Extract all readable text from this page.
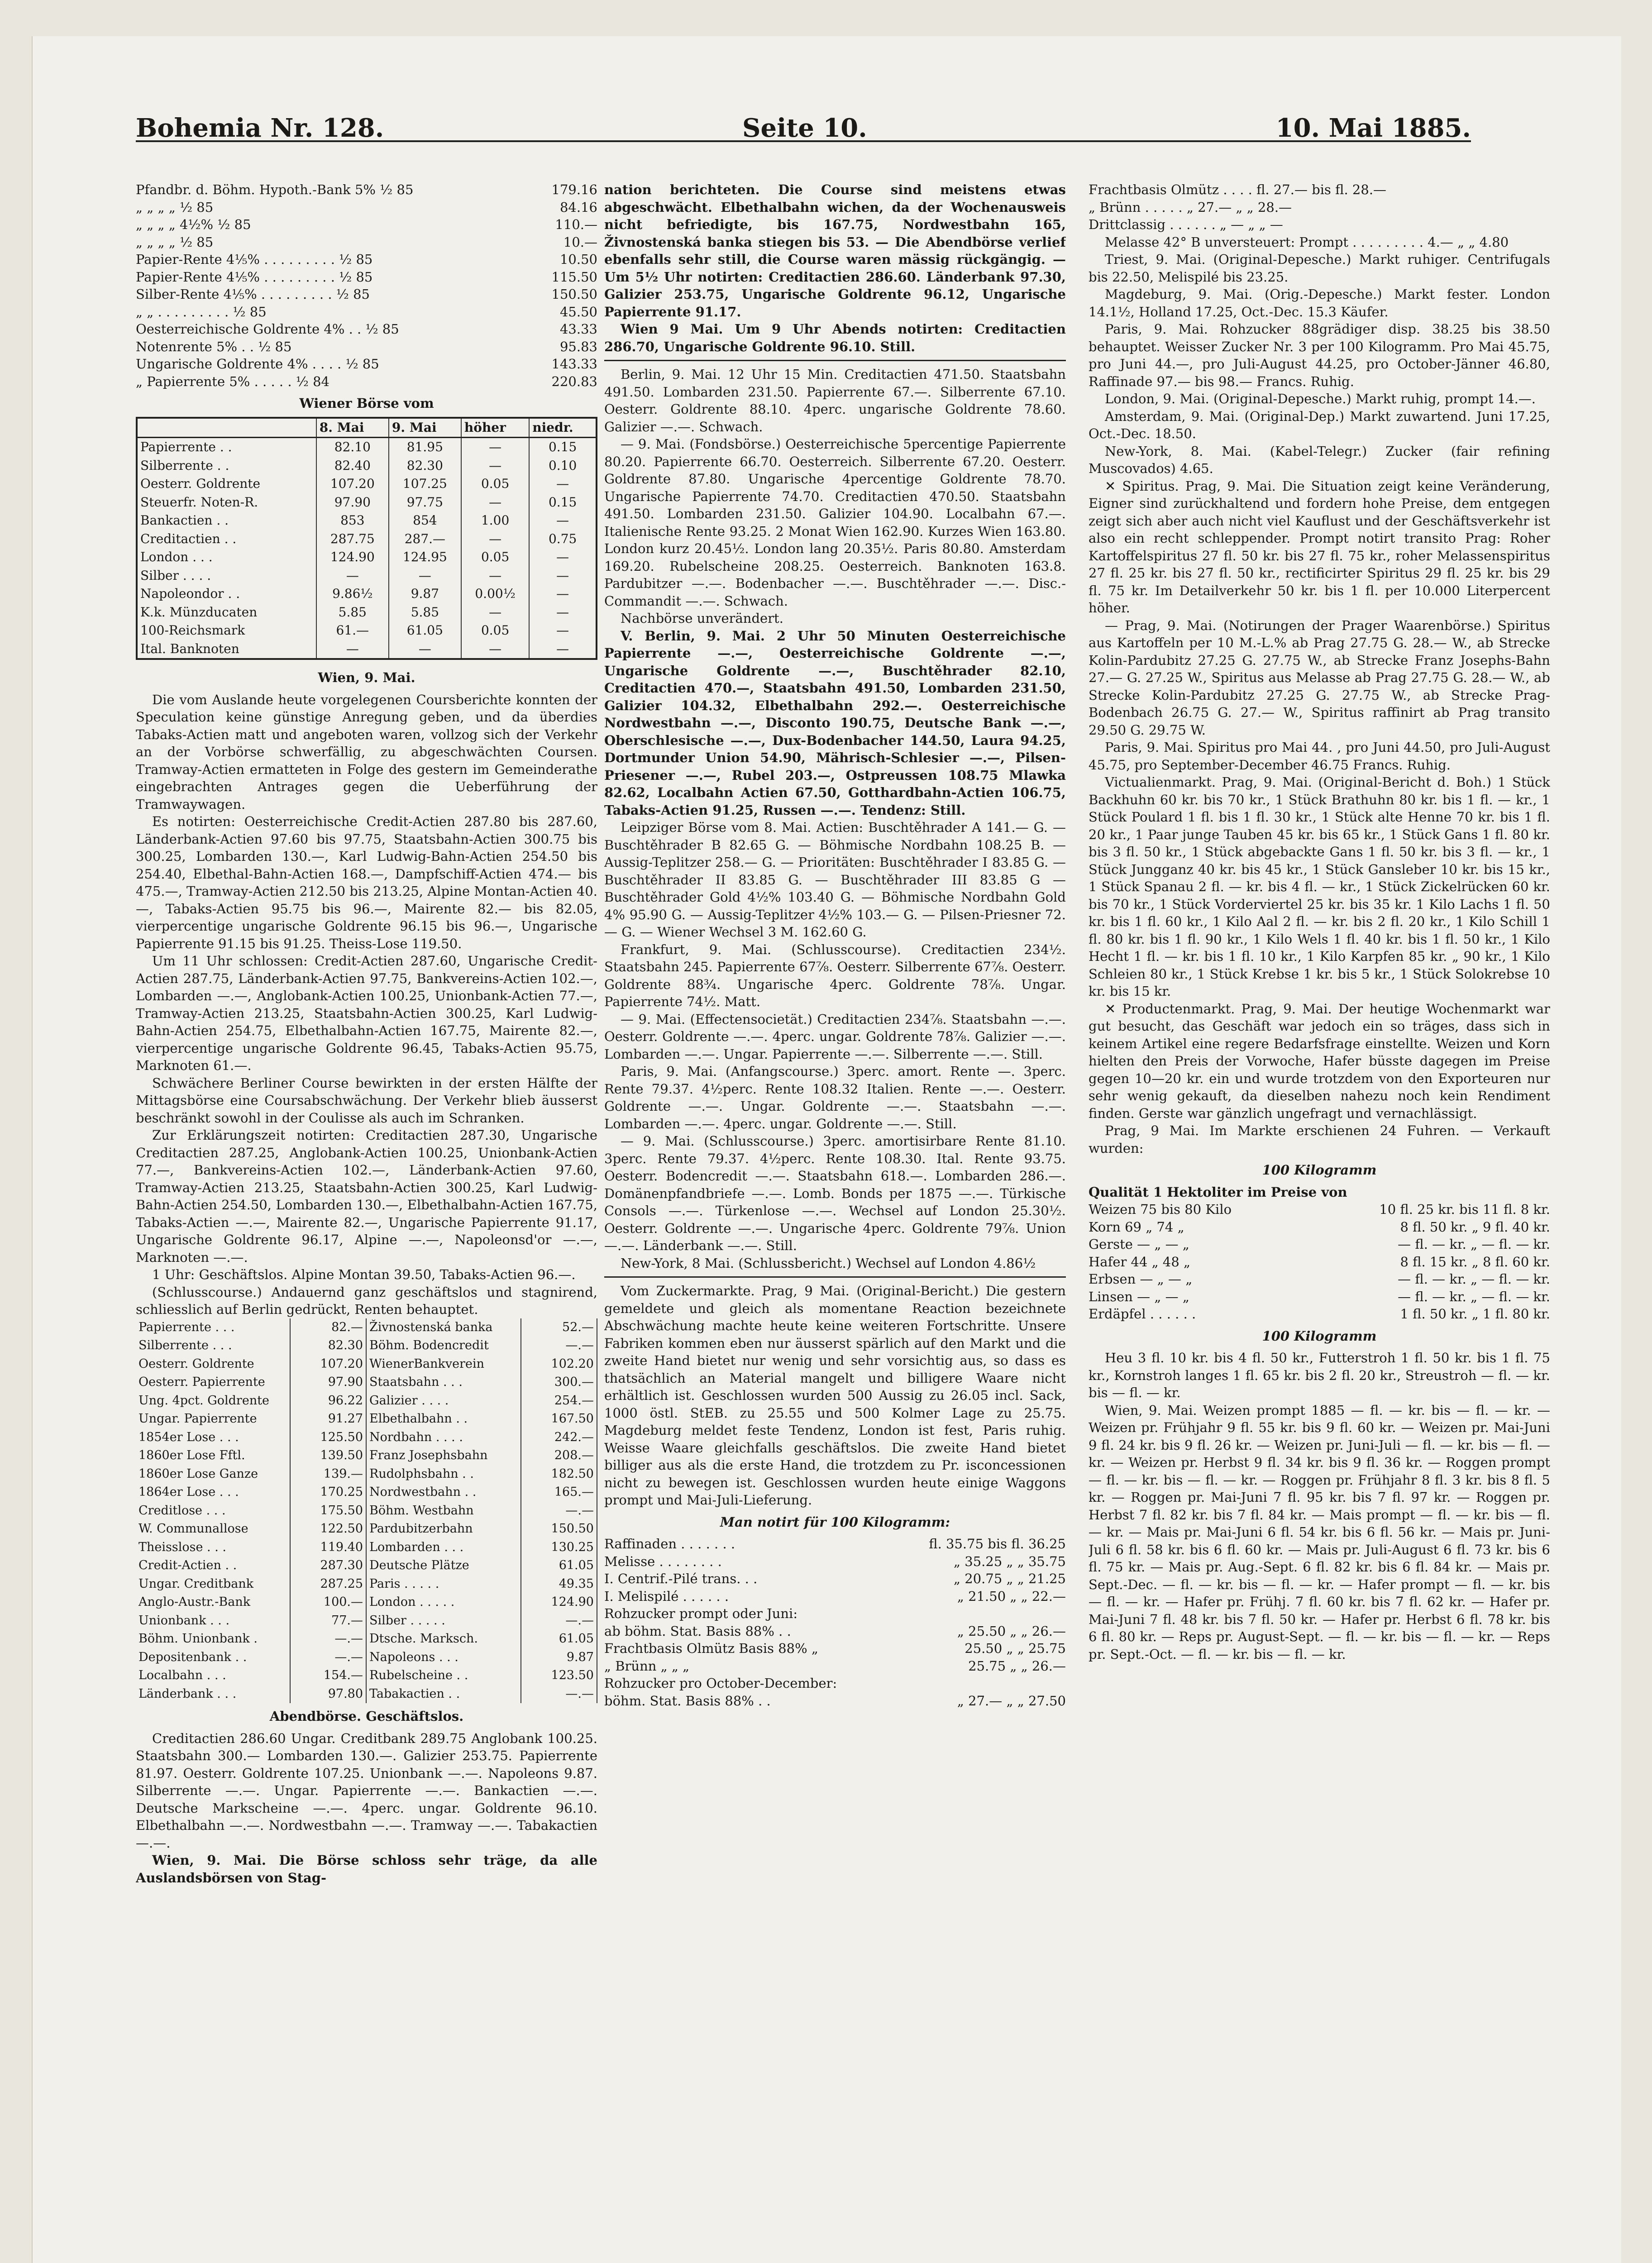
Bohemia Nr. 128.	Seite 10.	10. Mai 1885.
Pfandbr. d. Böhm. Hypoth.-Bank 5% ½ 85	179.16
„ „ „ „ ½ 85	84.16
„ „ „ „ 4½% ½ 85	110.—
„ „ „ „ ½ 85	10.—
Papier-Rente 4⅕% . . . . . . . . . ½ 85	10.50
Papier-Rente 4⅕% . . . . . . . . . ½ 85	115.50
Silber-Rente 4⅕% . . . . . . . . . ½ 85	150.50
„ „ . . . . . . . . . ½ 85	45.50
Oesterreichische Goldrente 4% . . ½ 85	43.33
Notenrente 5% . . ½ 85	95.83
Ungarische Goldrente 4% . . . . ½ 85	143.33
„ Papierrente 5% . . . . . ½ 84	220.83

Wiener Börse vom

	8. Mai	9. Mai	höher	niedr.
Papierrente . .	82.10	81.95	—	0.15
Silberrente . .	82.40	82.30	—	0.10
Oesterr. Goldrente	107.20	107.25	0.05	—
Steuerfr. Noten-R.	97.90	97.75	—	0.15
Bankactien . .	853	854	1.00	—
Creditactien . .	287.75	287.—	—	0.75
London . . .	124.90	124.95	0.05	—
Silber . . . .	—	—	—	—
Napoleondor . .	9.86½	9.87	0.00½	—
K.k. Münzducaten	5.85	5.85	—	—
100-Reichsmark	61.—	61.05	0.05	—
Ital. Banknoten	—	—	—	—

Wien, 9. Mai.

Die vom Auslande heute vorgelegenen Coursberichte konnten der Speculation keine günstige Anregung geben, und da überdies Tabaks-Actien matt und angeboten waren, vollzog sich der Verkehr an der Vorbörse schwerfällig, zu abgeschwächten Coursen. Tramway-Actien ermatteten in Folge des gestern im Gemeinderathe eingebrachten Antrages gegen die Ueberführung der Tramwaywagen.

Es notirten: Oesterreichische Credit-Actien 287.80 bis 287.60, Länderbank-Actien 97.60 bis 97.75, Staatsbahn-Actien 300.75 bis 300.25, Lombarden 130.—, Karl Ludwig-Bahn-Actien 254.50 bis 254.40, Elbethal-Bahn-Actien 168.—, Dampfschiff-Actien 474.— bis 475.—, Tramway-Actien 212.50 bis 213.25, Alpine Montan-Actien 40.—, Tabaks-Actien 95.75 bis 96.—, Mairente 82.— bis 82.05, vierpercentige ungarische Goldrente 96.15 bis 96.—, Ungarische Papierrente 91.15 bis 91.25. Theiss-Lose 119.50.

Um 11 Uhr schlossen: Credit-Actien 287.60, Ungarische Credit-Actien 287.75, Länderbank-Actien 97.75, Bankvereins-Actien 102.—, Lombarden —.—, Anglobank-Actien 100.25, Unionbank-Actien 77.—, Tramway-Actien 213.25, Staatsbahn-Actien 300.25, Karl Ludwig-Bahn-Actien 254.75, Elbethalbahn-Actien 167.75, Mairente 82.—, vierpercentige ungarische Goldrente 96.45, Tabaks-Actien 95.75, Marknoten 61.—.

Schwächere Berliner Course bewirkten in der ersten Hälfte der Mittagsbörse eine Coursabschwächung. Der Verkehr blieb äusserst beschränkt sowohl in der Coulisse als auch im Schranken.

Zur Erklärungszeit notirten: Creditactien 287.30, Ungarische Creditactien 287.25, Anglobank-Actien 100.25, Unionbank-Actien 77.—, Bankvereins-Actien 102.—, Länderbank-Actien 97.60, Tramway-Actien 213.25, Staatsbahn-Actien 300.25, Karl Ludwig-Bahn-Actien 254.50, Lombarden 130.—, Elbethalbahn-Actien 167.75, Tabaks-Actien —.—, Mairente 82.—, Ungarische Papierrente 91.17, Ungarische Goldrente 96.17, Alpine —.—, Napoleonsd'or —.—, Marknoten —.—.

1 Uhr: Geschäftslos. Alpine Montan 39.50, Tabaks-Actien 96.—.

(Schlusscourse.) Andauernd ganz geschäftslos und stagnirend, schliesslich auf Berlin gedrückt, Renten behauptet.

Papierrente . . .	82.—	Živnostenská banka	52.—
Silberrente . . .	82.30	Böhm. Bodencredit	—.—
Oesterr. Goldrente	107.20	WienerBankverein	102.20
Oesterr. Papierrente	97.90	Staatsbahn . . .	300.—
Ung. 4pct. Goldrente	96.22	Galizier . . . .	254.—
Ungar. Papierrente	91.27	Elbethalbahn . .	167.50
1854er Lose . . .	125.50	Nordbahn . . . .	242.—
1860er Lose Fftl.	139.50	Franz Josephsbahn	208.—
1860er Lose Ganze	139.—	Rudolphsbahn . .	182.50
1864er Lose . . .	170.25	Nordwestbahn . .	165.—
Creditlose . . .	175.50	Böhm. Westbahn	—.—
W. Communallose	122.50	Pardubitzerbahn	150.50
Theisslose . . .	119.40	Lombarden . . .	130.25
Credit-Actien . .	287.30	Deutsche Plätze	61.05
Ungar. Creditbank	287.25	Paris . . . . .	49.35
Anglo-Austr.-Bank	100.—	London . . . . .	124.90
Unionbank . . .	77.—	Silber . . . . .	—.—
Böhm. Unionbank .	—.—	Dtsche. Marksch.	61.05
Depositenbank . .	—.—	Napoleons . . .	9.87
Localbahn . . .	154.—	Rubelscheine . .	123.50
Länderbank . . .	97.80	Tabakactien . .	—.—

Abendbörse. Geschäftslos.

Creditactien 286.60 Ungar. Creditbank 289.75 Anglobank 100.25. Staatsbahn 300.— Lombarden 130.—. Galizier 253.75. Papierrente 81.97. Oesterr. Goldrente 107.25. Unionbank —.—. Napoleons 9.87. Silberrente —.—. Ungar. Papierrente —.—. Bankactien —.—. Deutsche Markscheine —.—. 4perc. ungar. Goldrente 96.10. Elbethalbahn —.—. Nordwestbahn —.—. Tramway —.—. Tabakactien —.—.

Wien, 9. Mai. Die Börse schloss sehr träge, da alle Auslandsbörsen von Stag-

nation berichteten. Die Course sind meistens etwas abgeschwächt. Elbethalbahn wichen, da der Wochenausweis nicht befriedigte, bis 167.75, Nordwestbahn 165, Živnostenská banka stiegen bis 53. — Die Abendbörse verlief ebenfalls sehr still, die Course waren mässig rückgängig. — Um 5½ Uhr notirten: Creditactien 286.60. Länderbank 97.30, Galizier 253.75, Ungarische Goldrente 96.12, Ungarische Papierrente 91.17.

Wien 9 Mai. Um 9 Uhr Abends notirten: Creditactien 286.70, Ungarische Goldrente 96.10. Still.

Berlin, 9. Mai. 12 Uhr 15 Min. Creditactien 471.50. Staatsbahn 491.50. Lombarden 231.50. Papierrente 67.—. Silberrente 67.10. Oesterr. Goldrente 88.10. 4perc. ungarische Goldrente 78.60. Galizier —.—. Schwach.

— 9. Mai. (Fondsbörse.) Oesterreichische 5percentige Papierrente 80.20. Papierrente 66.70. Oesterreich. Silberrente 67.20. Oesterr. Goldrente 87.80. Ungarische 4percentige Goldrente 78.70. Ungarische Papierrente 74.70. Creditactien 470.50. Staatsbahn 491.50. Lombarden 231.50. Galizier 104.90. Localbahn 67.—. Italienische Rente 93.25. 2 Monat Wien 162.90. Kurzes Wien 163.80. London kurz 20.45½. London lang 20.35½. Paris 80.80. Amsterdam 169.20. Rubelscheine 208.25. Oesterreich. Banknoten 163.8. Pardubitzer —.—. Bodenbacher —.—. Buschtěhrader —.—. Disc.-Commandit —.—. Schwach.

Nachbörse unverändert.

V. Berlin, 9. Mai. 2 Uhr 50 Minuten Oesterreichische Papierrente —.—, Oesterreichische Goldrente —.—, Ungarische Goldrente —.—, Buschtěhrader 82.10, Creditactien 470.—, Staatsbahn 491.50, Lombarden 231.50, Galizier 104.32, Elbethalbahn 292.—. Oesterreichische Nordwestbahn —.—, Disconto 190.75, Deutsche Bank —.—, Oberschlesische —.—, Dux-Bodenbacher 144.50, Laura 94.25, Dortmunder Union 54.90, Mährisch-Schlesier —.—, Pilsen-Priesener —.—, Rubel 203.—, Ostpreussen 108.75 Mlawka 82.62, Localbahn Actien 67.50, Gotthardbahn-Actien 106.75, Tabaks-Actien 91.25, Russen —.—. Tendenz: Still.

Leipziger Börse vom 8. Mai. Actien: Buschtěhrader A 141.— G. — Buschtěhrader B 82.65 G. — Böhmische Nordbahn 108.25 B. — Aussig-Teplitzer 258.— G. — Prioritäten: Buschtěhrader I 83.85 G. — Buschtěhrader II 83.85 G. — Buschtěhrader III 83.85 G — Buschtěhrader Gold 4½% 103.40 G. — Böhmische Nordbahn Gold 4% 95.90 G. — Aussig-Teplitzer 4½% 103.— G. — Pilsen-Priesner 72.— G. — Wiener Wechsel 3 M. 162.60 G.

Frankfurt, 9. Mai. (Schlusscourse). Creditactien 234½. Staatsbahn 245. Papierrente 67⅞. Oesterr. Silberrente 67⅞. Oesterr. Goldrente 88¾. Ungarische 4perc. Goldrente 78⅞. Ungar. Papierrente 74½. Matt.

— 9. Mai. (Effectensocietät.) Creditactien 234⅞. Staatsbahn —.—. Oesterr. Goldrente —.—. 4perc. ungar. Goldrente 78⅞. Galizier —.—. Lombarden —.—. Ungar. Papierrente —.—. Silberrente —.—. Still.

Paris, 9. Mai. (Anfangscourse.) 3perc. amort. Rente —. 3perc. Rente 79.37. 4½perc. Rente 108.32 Italien. Rente —.—. Oesterr. Goldrente —.—. Ungar. Goldrente —.—. Staatsbahn —.—. Lombarden —.—. 4perc. ungar. Goldrente —.—. Still.

— 9. Mai. (Schlusscourse.) 3perc. amortisirbare Rente 81.10. 3perc. Rente 79.37. 4½perc. Rente 108.30. Ital. Rente 93.75. Oesterr. Bodencredit —.—. Staatsbahn 618.—. Lombarden 286.—. Domänenpfandbriefe —.—. Lomb. Bonds per 1875 —.—. Türkische Consols —.—. Türkenlose —.—. Wechsel auf London 25.30½. Oesterr. Goldrente —.—. Ungarische 4perc. Goldrente 79⅞. Union —.—. Länderbank —.—. Still.

New-York, 8 Mai. (Schlussbericht.) Wechsel auf London 4.86½

Vom Zuckermarkte. Prag, 9 Mai. (Original-Bericht.) Die gestern gemeldete und gleich als momentane Reaction bezeichnete Abschwächung machte heute keine weiteren Fortschritte. Unsere Fabriken kommen eben nur äusserst spärlich auf den Markt und die zweite Hand bietet nur wenig und sehr vorsichtig aus, so dass es thatsächlich an Material mangelt und billigere Waare nicht erhältlich ist. Geschlossen wurden 500 Aussig zu 26.05 incl. Sack, 1000 östl. StEB. zu 25.55 und 500 Kolmer Lage zu 25.75. Magdeburg meldet feste Tendenz, London ist fest, Paris ruhig. Weisse Waare gleichfalls geschäftslos. Die zweite Hand bietet billiger aus als die erste Hand, die trotzdem zu Pr. isconcessionen nicht zu bewegen ist. Geschlossen wurden heute einige Waggons prompt und Mai-Juli-Lieferung.

Man notirt für 100 Kilogramm:

Raffinaden . . . . . . .	fl. 35.75 bis fl. 36.25
Melisse . . . . . . . .	„ 35.25 „ „ 35.75
I. Centrif.-Pilé trans. . .	„ 20.75 „ „ 21.25
I. Melispilé . . . . . .	„ 21.50 „ „ 22.—
Rohzucker prompt oder Juni:
ab böhm. Stat. Basis 88% . .	„ 25.50 „ „ 26.—
Frachtbasis Olmütz Basis 88% „	25.50 „ „ 25.75
„ Brünn „ „ „	25.75 „ „ 26.—
Rohzucker pro October-December:
böhm. Stat. Basis 88% . .	„ 27.— „ „ 27.50
Frachtbasis Olmütz . . . . fl. 27.— bis fl. 28.—
„ Brünn . . . . . „ 27.— „ „ 28.—
Drittclassig . . . . . . „ — „ „ —

Melasse 42° B unversteuert: Prompt . . . . . . . . . 4.— „ „ 4.80

Triest, 9. Mai. (Original-Depesche.) Markt ruhiger. Centrifugals bis 22.50, Melispilé bis 23.25.

Magdeburg, 9. Mai. (Orig.-Depesche.) Markt fester. London 14.1½, Holland 17.25, Oct.-Dec. 15.3 Käufer.

Paris, 9. Mai. Rohzucker 88grädiger disp. 38.25 bis 38.50 behauptet. Weisser Zucker Nr. 3 per 100 Kilogramm. Pro Mai 45.75, pro Juni 44.—, pro Juli-August 44.25, pro October-Jänner 46.80, Raffinade 97.— bis 98.— Francs. Ruhig.

London, 9. Mai. (Original-Depesche.) Markt ruhig, prompt 14.—.

Amsterdam, 9. Mai. (Original-Dep.) Markt zuwartend. Juni 17.25, Oct.-Dec. 18.50.

New-York, 8. Mai. (Kabel-Telegr.) Zucker (fair refining Muscovados) 4.65.

✕ Spiritus. Prag, 9. Mai. Die Situation zeigt keine Veränderung, Eigner sind zurückhaltend und fordern hohe Preise, dem entgegen zeigt sich aber auch nicht viel Kauflust und der Geschäftsverkehr ist also ein recht schleppender. Prompt notirt transito Prag: Roher Kartoffelspiritus 27 fl. 50 kr. bis 27 fl. 75 kr., roher Melassenspiritus 27 fl. 25 kr. bis 27 fl. 50 kr., rectificirter Spiritus 29 fl. 25 kr. bis 29 fl. 75 kr. Im Detailverkehr 50 kr. bis 1 fl. per 10.000 Literpercent höher.

— Prag, 9. Mai. (Notirungen der Prager Waarenbörse.) Spiritus aus Kartoffeln per 10 M.-L.% ab Prag 27.75 G. 28.— W., ab Strecke Kolin-Pardubitz 27.25 G. 27.75 W., ab Strecke Franz Josephs-Bahn 27.— G. 27.25 W., Spiritus aus Melasse ab Prag 27.75 G. 28.— W., ab Strecke Kolin-Pardubitz 27.25 G. 27.75 W., ab Strecke Prag-Bodenbach 26.75 G. 27.— W., Spiritus raffinirt ab Prag transito 29.50 G. 29.75 W.

Paris, 9. Mai. Spiritus pro Mai 44. , pro Juni 44.50, pro Juli-August 45.75, pro September-December 46.75 Francs. Ruhig.

Victualienmarkt. Prag, 9. Mai. (Original-Bericht d. Boh.) 1 Stück Backhuhn 60 kr. bis 70 kr., 1 Stück Brathuhn 80 kr. bis 1 fl. — kr., 1 Stück Poulard 1 fl. bis 1 fl. 30 kr., 1 Stück alte Henne 70 kr. bis 1 fl. 20 kr., 1 Paar junge Tauben 45 kr. bis 65 kr., 1 Stück Gans 1 fl. 80 kr. bis 3 fl. 50 kr., 1 Stück abgebackte Gans 1 fl. 50 kr. bis 3 fl. — kr., 1 Stück Jungganz 40 kr. bis 45 kr., 1 Stück Gansleber 10 kr. bis 15 kr., 1 Stück Spanau 2 fl. — kr. bis 4 fl. — kr., 1 Stück Zickelrücken 60 kr. bis 70 kr., 1 Stück Vorderviertel 25 kr. bis 35 kr. 1 Kilo Lachs 1 fl. 50 kr. bis 1 fl. 60 kr., 1 Kilo Aal 2 fl. — kr. bis 2 fl. 20 kr., 1 Kilo Schill 1 fl. 80 kr. bis 1 fl. 90 kr., 1 Kilo Wels 1 fl. 40 kr. bis 1 fl. 50 kr., 1 Kilo Hecht 1 fl. — kr. bis 1 fl. 10 kr., 1 Kilo Karpfen 85 kr. „ 90 kr., 1 Kilo Schleien 80 kr., 1 Stück Krebse 1 kr. bis 5 kr., 1 Stück Solokrebse 10 kr. bis 15 kr.

✕ Productenmarkt. Prag, 9. Mai. Der heutige Wochenmarkt war gut besucht, das Geschäft war jedoch ein so träges, dass sich in keinem Artikel eine regere Bedarfsfrage einstellte. Weizen und Korn hielten den Preis der Vorwoche, Hafer büsste dagegen im Preise gegen 10—20 kr. ein und wurde trotzdem von den Exporteuren nur sehr wenig gekauft, da dieselben nahezu noch kein Rendiment finden. Gerste war gänzlich ungefragt und vernachlässigt.

Prag, 9 Mai. Im Markte erschienen 24 Fuhren. — Verkauft wurden:

100 Kilogramm

Qualität 1 Hektoliter im Preise von

Weizen 75 bis 80 Kilo	10 fl. 25 kr. bis 11 fl. 8 kr.
Korn 69 „ 74 „	8 fl. 50 kr. „ 9 fl. 40 kr.
Gerste — „ — „	— fl. — kr. „ — fl. — kr.
Hafer 44 „ 48 „	8 fl. 15 kr. „ 8 fl. 60 kr.
Erbsen — „ — „	— fl. — kr. „ — fl. — kr.
Linsen — „ — „	— fl. — kr. „ — fl. — kr.
Erdäpfel . . . . . .	1 fl. 50 kr. „ 1 fl. 80 kr.

100 Kilogramm

Heu 3 fl. 10 kr. bis 4 fl. 50 kr., Futterstroh 1 fl. 50 kr. bis 1 fl. 75 kr., Kornstroh langes 1 fl. 65 kr. bis 2 fl. 20 kr., Streustroh — fl. — kr. bis — fl. — kr.

Wien, 9. Mai. Weizen prompt 1885 — fl. — kr. bis — fl. — kr. — Weizen pr. Frühjahr 9 fl. 55 kr. bis 9 fl. 60 kr. — Weizen pr. Mai-Juni 9 fl. 24 kr. bis 9 fl. 26 kr. — Weizen pr. Juni-Juli — fl. — kr. bis — fl. — kr. — Weizen pr. Herbst 9 fl. 34 kr. bis 9 fl. 36 kr. — Roggen prompt — fl. — kr. bis — fl. — kr. — Roggen pr. Frühjahr 8 fl. 3 kr. bis 8 fl. 5 kr. — Roggen pr. Mai-Juni 7 fl. 95 kr. bis 7 fl. 97 kr. — Roggen pr. Herbst 7 fl. 82 kr. bis 7 fl. 84 kr. — Mais prompt — fl. — kr. bis — fl. — kr. — Mais pr. Mai-Juni 6 fl. 54 kr. bis 6 fl. 56 kr. — Mais pr. Juni-Juli 6 fl. 58 kr. bis 6 fl. 60 kr. — Mais pr. Juli-August 6 fl. 73 kr. bis 6 fl. 75 kr. — Mais pr. Aug.-Sept. 6 fl. 82 kr. bis 6 fl. 84 kr. — Mais pr. Sept.-Dec. — fl. — kr. bis — fl. — kr. — Hafer prompt — fl. — kr. bis — fl. — kr. — Hafer pr. Frühj. 7 fl. 60 kr. bis 7 fl. 62 kr. — Hafer pr. Mai-Juni 7 fl. 48 kr. bis 7 fl. 50 kr. — Hafer pr. Herbst 6 fl. 78 kr. bis 6 fl. 80 kr. — Reps pr. August-Sept. — fl. — kr. bis — fl. — kr. — Reps pr. Sept.-Oct. — fl. — kr. bis — fl. — kr.
